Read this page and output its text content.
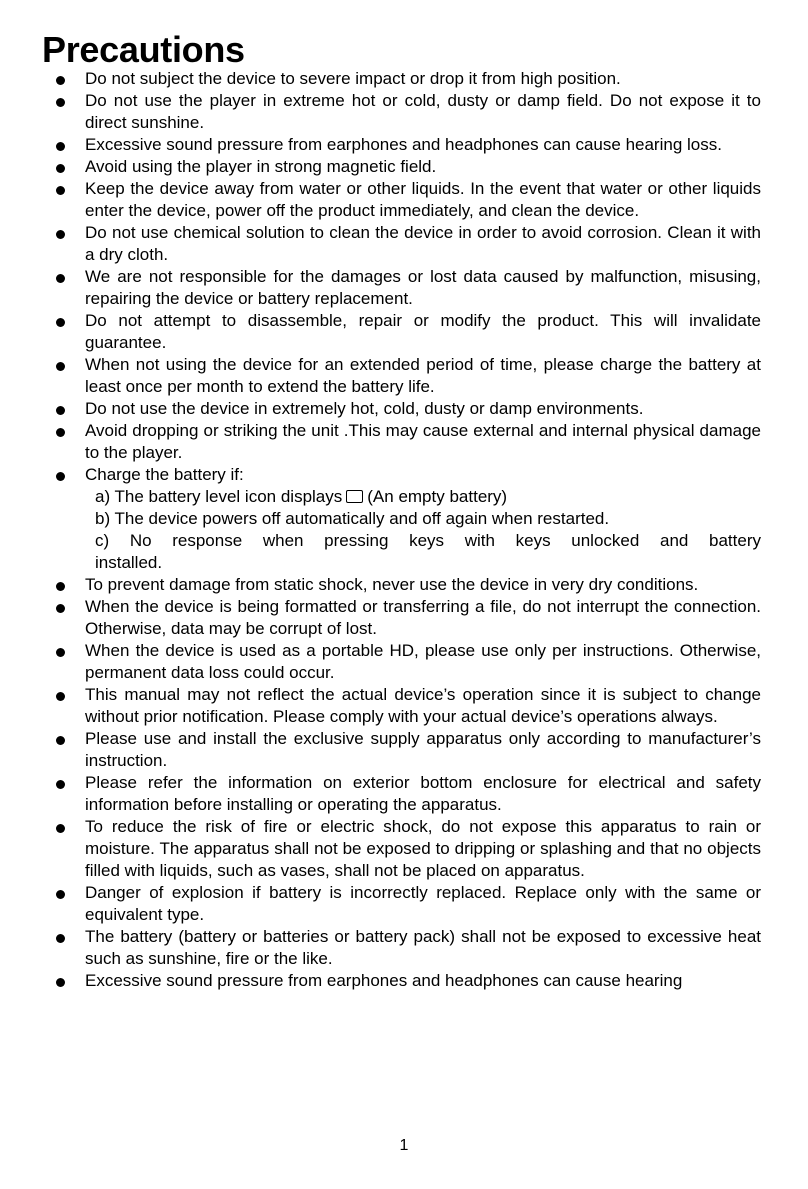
Precautions
Do not subject the device to severe impact or drop it from high position.
Do not use the player in extreme hot or cold, dusty or damp field. Do not expose it to direct sunshine.
Excessive sound pressure from earphones and headphones can cause hearing loss.
Avoid using the player in strong magnetic field.
Keep the device away from water or other liquids. In the event that water or other liquids enter the device, power off the product immediately, and clean the device.
Do not use chemical solution to clean the device in order to avoid corrosion. Clean it with a dry cloth.
We are not responsible for the damages or lost data caused by malfunction, misusing, repairing the device or battery replacement.
Do not attempt to disassemble, repair or modify the product. This will invalidate guarantee.
When not using the device for an extended period of time, please charge the battery at least once per month to extend the battery life.
Do not use the device in extremely hot, cold, dusty or damp environments.
Avoid dropping or striking the unit .This may cause external and internal physical damage to the player.
Charge the battery if:
a) The battery level icon displays (An empty battery)
b) The device powers off automatically and off again when restarted.
c) No response when pressing keys with keys unlocked and battery
installed.
To prevent damage from static shock, never use the device in very dry conditions.
When the device is being formatted or transferring a file, do not interrupt the connection. Otherwise, data may be corrupt of lost.
When the device is used as a portable HD, please use only per instructions. Otherwise, permanent data loss could occur.
This manual may not reflect the actual device’s operation since it is subject to change without prior notification. Please comply with your actual device’s operations always.
Please use and install the exclusive supply apparatus only according to manufacturer’s instruction.
Please refer the information on exterior bottom enclosure for electrical and safety information before installing or operating the apparatus.
To reduce the risk of fire or electric shock, do not expose this apparatus to rain or moisture. The apparatus shall not be exposed to dripping or splashing and that no objects filled with liquids, such as vases, shall not be placed on apparatus.
Danger of explosion if battery is incorrectly replaced. Replace only with the same or equivalent type.
The battery (battery or batteries or battery pack) shall not be exposed to excessive heat such as sunshine, fire or the like.
Excessive sound pressure from earphones and headphones can cause hearing
1
